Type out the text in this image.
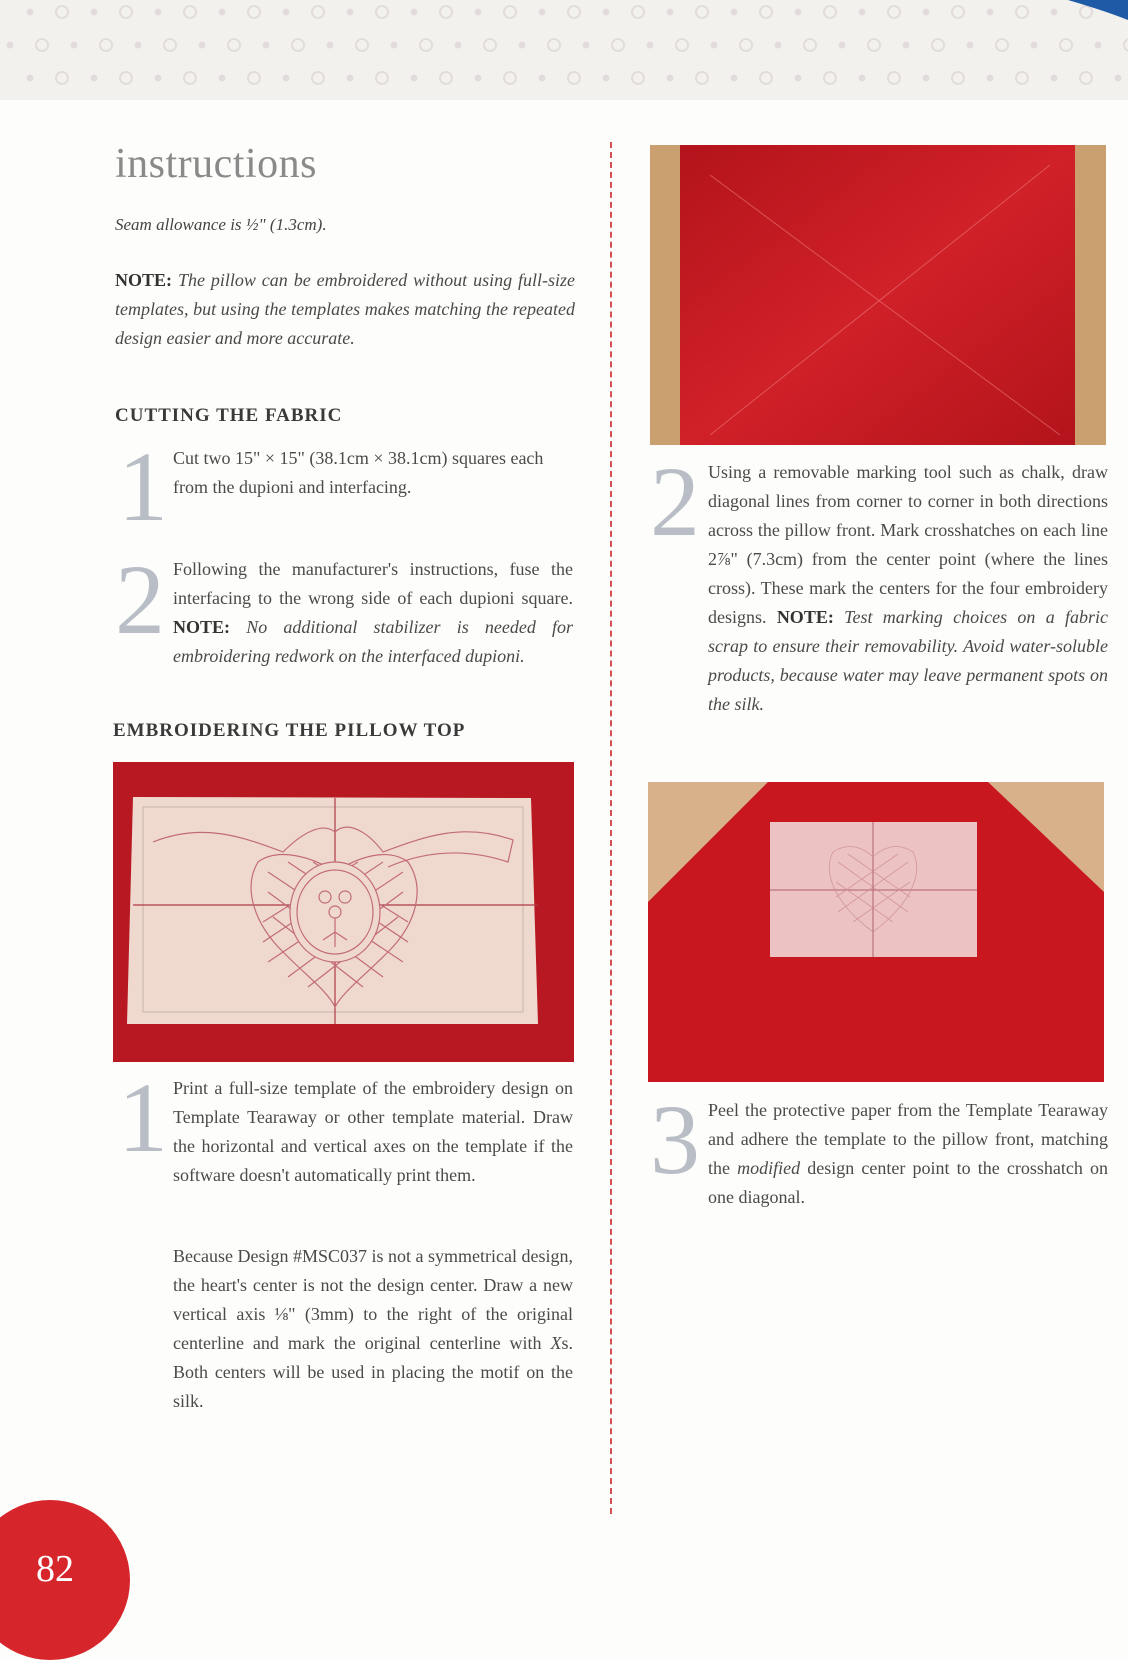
instructions
Seam allowance is ½" (1.3cm).
NOTE: The pillow can be embroidered without using full-size templates, but using the templates makes matching the repeated design easier and more accurate.
CUTTING THE FABRIC
1 Cut two 15" × 15" (38.1cm × 38.1cm) squares each from the dupioni and interfacing.
2 Following the manufacturer's instructions, fuse the interfacing to the wrong side of each dupioni square. NOTE: No additional stabilizer is needed for embroidering redwork on the interfaced dupioni.
EMBROIDERING THE PILLOW TOP
1 Print a full-size template of the embroidery design on Template Tearaway or other template material. Draw the horizontal and vertical axes on the template if the software doesn't automatically print them.
Because Design #MSC037 is not a symmetrical design, the heart's center is not the design center. Draw a new vertical axis ⅛" (3mm) to the right of the original centerline and mark the original centerline with Xs. Both centers will be used in placing the motif on the silk.
2 Using a removable marking tool such as chalk, draw diagonal lines from corner to corner in both directions across the pillow front. Mark crosshatches on each line 2⅞" (7.3cm) from the center point (where the lines cross). These mark the centers for the four embroidery designs. NOTE: Test marking choices on a fabric scrap to ensure their removability. Avoid water-soluble products, because water may leave permanent spots on the silk.
3 Peel the protective paper from the Template Tearaway and adhere the template to the pillow front, matching the modified design center point to the crosshatch on one diagonal.
82
